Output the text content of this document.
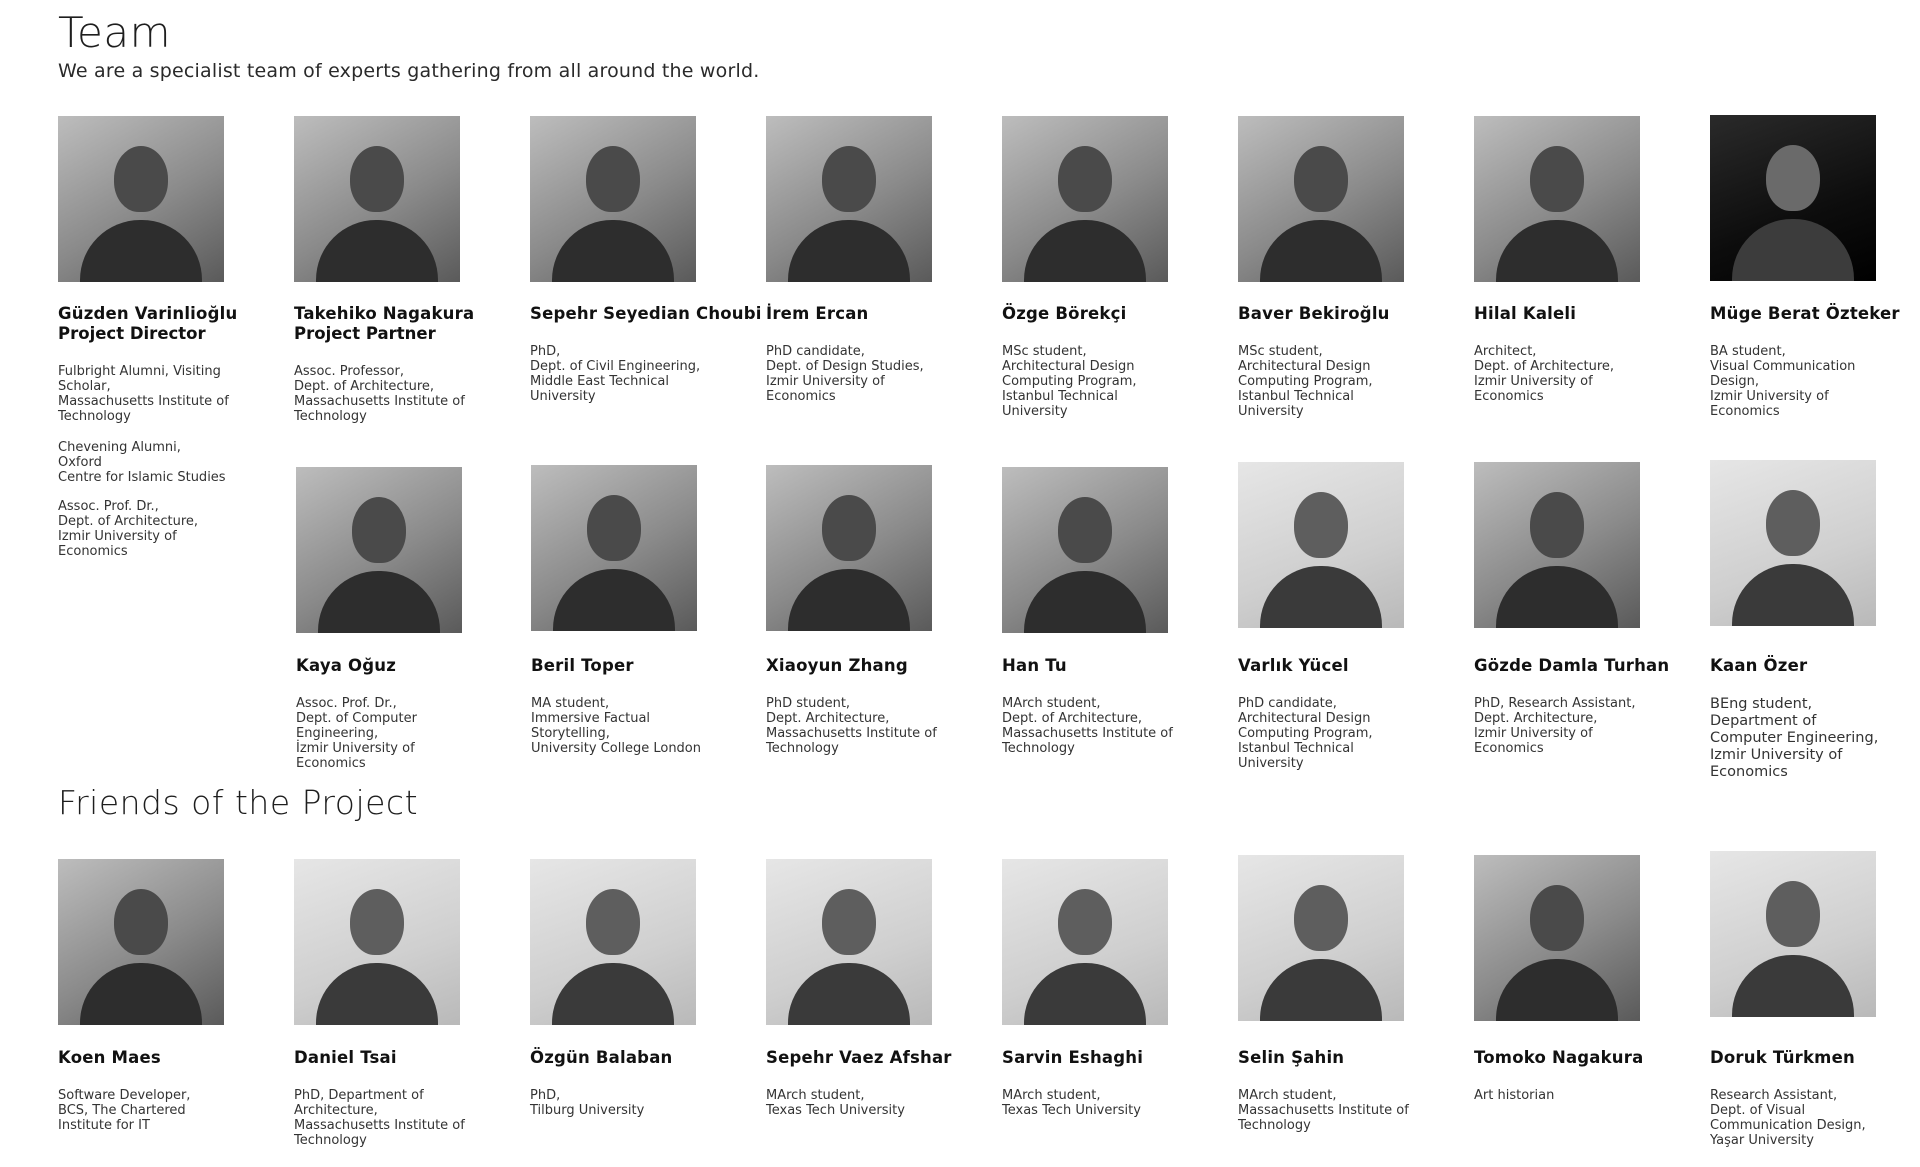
Team

We are a specialist team of experts gathering from all around the world.

Güzden Varinlioğlu

Project Director

Fulbright Alumni, Visiting
Scholar,
Massachusetts Institute of
Technology

Chevening Alumni,
Oxford
Centre for Islamic Studies

Assoc. Prof. Dr.,
Dept. of Architecture,
Izmir University of
Economics

Takehiko Nagakura

Project Partner

Assoc. Professor,
Dept. of Architecture,
Massachusetts Institute of
Technology

Sepehr Seyedian Choubi

PhD,
Dept. of Civil Engineering,
Middle East Technical
University

İrem Ercan

PhD candidate,
Dept. of Design Studies,
Izmir University of
Economics

Özge Börekçi

MSc student,
Architectural Design
Computing Program,
Istanbul Technical
University

Baver Bekiroğlu

MSc student,
Architectural Design
Computing Program,
Istanbul Technical
University

Hilal Kaleli

Architect,
Dept. of Architecture,
Izmir University of
Economics

Müge Berat Özteker

BA student,
Visual Communication
Design,
Izmir University of
Economics

Kaya Oğuz

Assoc. Prof. Dr.,
Dept. of Computer
Engineering,
İzmir University of
Economics

Beril Toper

MA student,
Immersive Factual
Storytelling,
University College London

Xiaoyun Zhang

PhD student,
Dept. Architecture,
Massachusetts Institute of
Technology

Han Tu

MArch student,
Dept. of Architecture,
Massachusetts Institute of
Technology

Varlık Yücel

PhD candidate,
Architectural Design
Computing Program,
Istanbul Technical
University

Gözde Damla Turhan

PhD, Research Assistant,
Dept. Architecture,
Izmir University of
Economics

Kaan Özer

BEng student,
Department of
Computer Engineering,
Izmir University of
Economics

Friends of the Project

Koen Maes

Software Developer,
BCS, The Chartered
Institute for IT

Daniel Tsai

PhD, Department of
Architecture,
Massachusetts Institute of
Technology

Özgün Balaban

PhD,
Tilburg University

Sepehr Vaez Afshar

MArch student,
Texas Tech University

Sarvin Eshaghi

MArch student,
Texas Tech University

Selin Şahin

MArch student,
Massachusetts Institute of
Technology

Tomoko Nagakura

Art historian

Doruk Türkmen

Research Assistant,
Dept. of Visual
Communication Design,
Yaşar University
